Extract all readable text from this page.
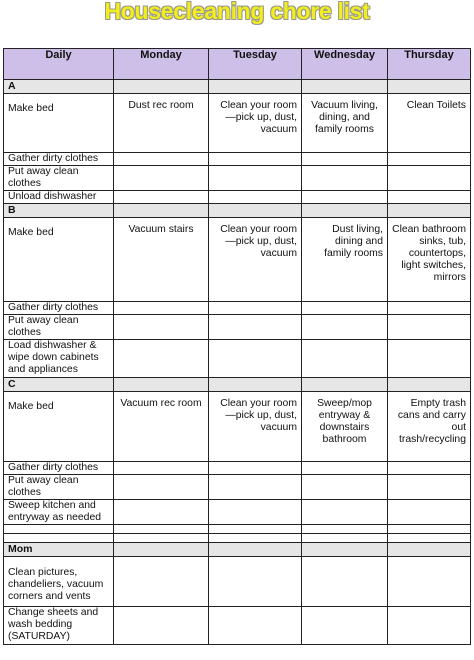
Housecleaning chore list
Daily	Monday	Tuesday	Wednesday	Thursday
A				
Make bed	Dust rec room	Clean your room—pick up, dust, vacuum	Vacuum living, dining, and family rooms	Clean Toilets
Gather dirty clothes				
Put away clean clothes				
Unload dishwasher				
B				
Make bed	Vacuum stairs	Clean your room—pick up, dust, vacuum	Dust living, dining and family rooms	Clean bathroom sinks, tub, countertops, light switches, mirrors
Gather dirty clothes				
Put away clean clothes				
Load dishwasher & wipe down cabinets and appliances				
C				
Make bed	Vacuum rec room	Clean your room—pick up, dust, vacuum	Sweep/mop entryway & downstairs bathroom	Empty trash cans and carry out trash/recycling
Gather dirty clothes				
Put away clean clothes				
Sweep kitchen and entryway as needed				

Mom				
Clean pictures, chandeliers, vacuum corners and vents				
Change sheets and wash bedding (SATURDAY)				
